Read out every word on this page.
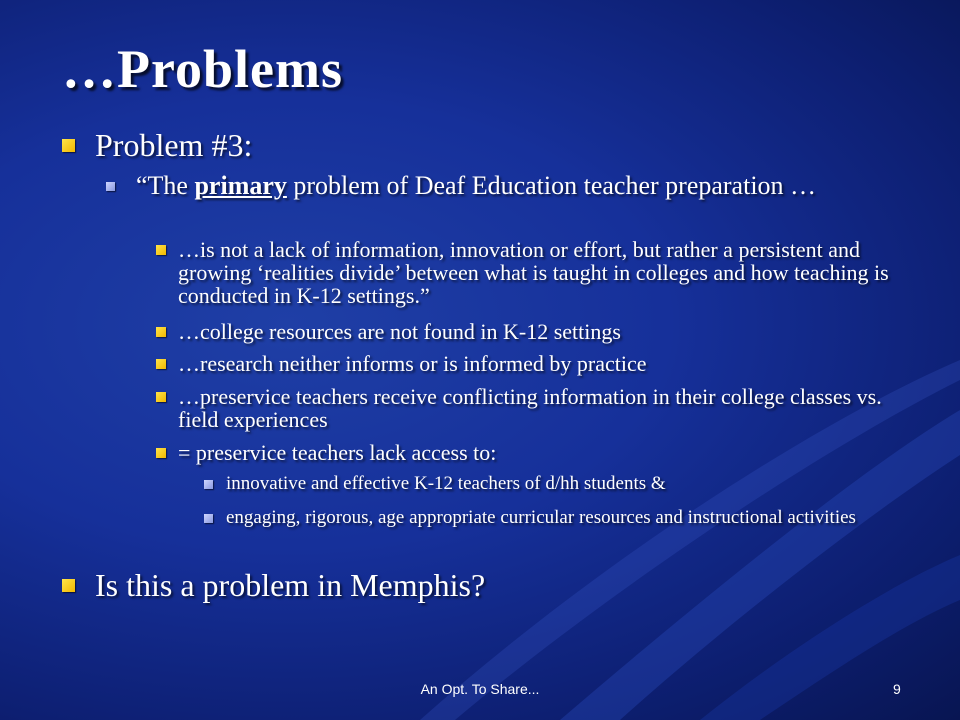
…Problems
Problem #3:
“The primary problem of Deaf Education teacher preparation …
…is not a lack of information, innovation or effort, but rather a persistent and growing ‘realities divide’ between what is taught in colleges and how teaching is conducted in K-12 settings.”
…college resources are not found in K-12 settings
…research neither informs or is informed by practice
…preservice teachers receive conflicting information in their college classes vs. field experiences
= preservice teachers lack access to:
innovative and effective K-12 teachers of d/hh students &
engaging, rigorous, age appropriate curricular resources and instructional activities
Is this a problem in Memphis?
An Opt. To Share...	9
